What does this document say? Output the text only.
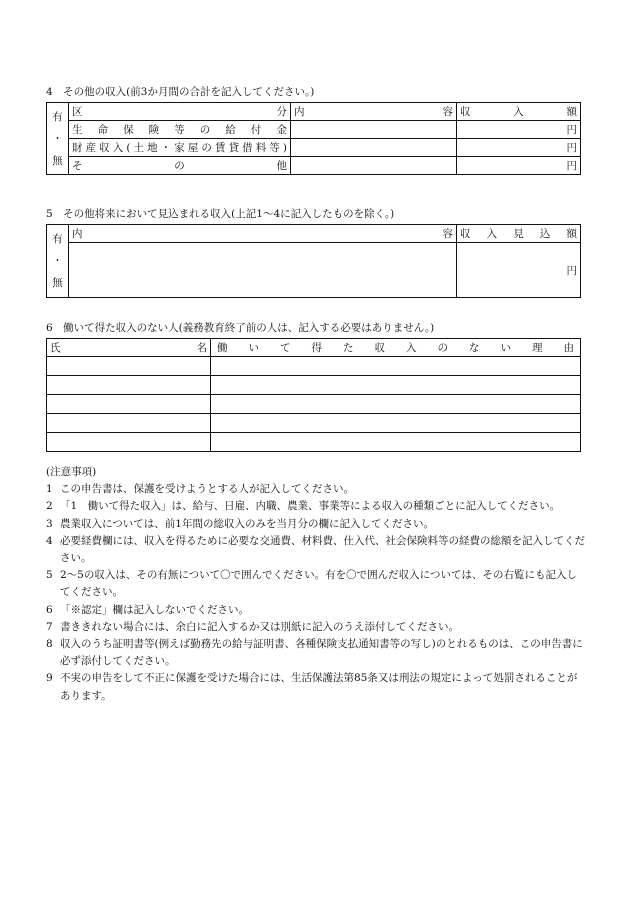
4　その他の収入(前3か月間の合計を記入してください。)
有
・
無	区　　　　　　　　分	内　　　　　　　　　　容	収　　入　　額
	生命保険等の給付金		円
	財産収入(土地・家屋の賃貸借料等)		円
	そ　　　の　　　他		円
5　その他将来において見込まれる収入(上記1〜4に記入したものを除く。)
有
・
無	内　　　　　　　　　　　　　　　　容	収入見込額
		円
6　働いて得た収入のない人(義務教育終了前の人は、記入する必要はありません。)
氏　　　　　　　名	働いて得た収入のない理由

(注意事項)
1 この申告書は、保護を受けようとする人が記入してください。
2 「1　働いて得た収入」は、給与、日雇、内職、農業、事業等による収入の種類ごとに記入してください。
3 農業収入については、前1年間の総収入のみを当月分の欄に記入してください。
4 必要経費欄には、収入を得るために必要な交通費、材料費、仕入代、社会保険料等の経費の総額を記入してください。
5 2〜5の収入は、その有無について〇で囲んでください。有を〇で囲んだ収入については、その右覧にも記入してください。
6 「※認定」欄は記入しないでください。
7 書ききれない場合には、余白に記入するか又は別紙に記入のうえ添付してください。
8 収入のうち証明書等(例えば勤務先の給与証明書、各種保険支払通知書等の写し)のとれるものは、この申告書に必ず添付してください。
9 不実の申告をして不正に保護を受けた場合には、生活保護法第85条又は刑法の規定によって処罰されることがあります。
